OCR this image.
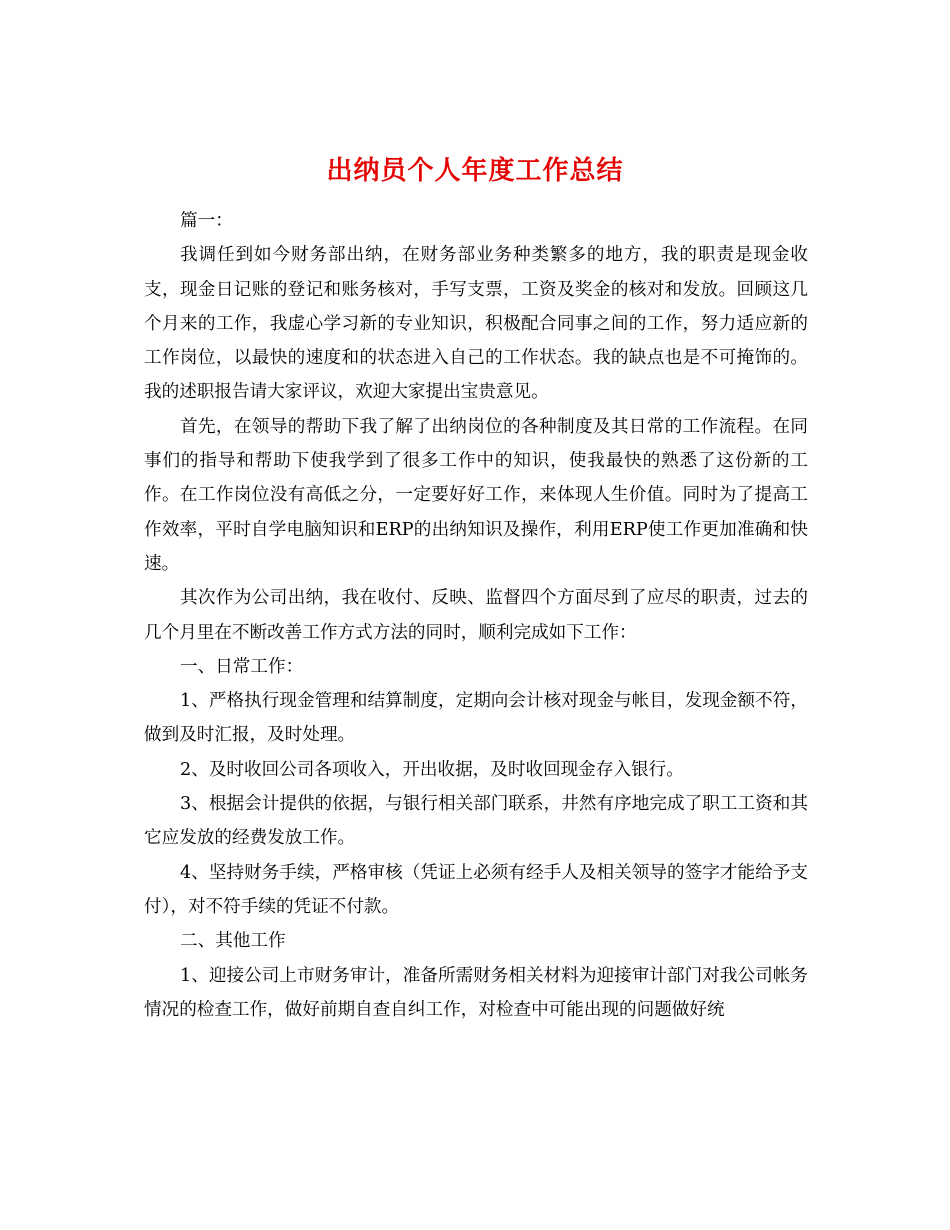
出纳员个人年度工作总结

篇一：

我调任到如今财务部出纳，在财务部业务种类繁多的地方，我的职责是现金收支，现金日记账的登记和账务核对，手写支票，工资及奖金的核对和发放。回顾这几个月来的工作，我虚心学习新的专业知识，积极配合同事之间的工作，努力适应新的工作岗位，以最快的速度和的状态进入自己的工作状态。我的缺点也是不可掩饰的。我的述职报告请大家评议，欢迎大家提出宝贵意见。

首先，在领导的帮助下我了解了出纳岗位的各种制度及其日常的工作流程。在同事们的指导和帮助下使我学到了很多工作中的知识，使我最快的熟悉了这份新的工作。在工作岗位没有高低之分，一定要好好工作，来体现人生价值。同时为了提高工作效率，平时自学电脑知识和ERP的出纳知识及操作，利用ERP使工作更加准确和快速。

其次作为公司出纳，我在收付、反映、监督四个方面尽到了应尽的职责，过去的几个月里在不断改善工作方式方法的同时，顺利完成如下工作：

一、日常工作：

1、严格执行现金管理和结算制度，定期向会计核对现金与帐目，发现金额不符，做到及时汇报，及时处理。

2、及时收回公司各项收入，开出收据，及时收回现金存入银行。

3、根据会计提供的依据，与银行相关部门联系，井然有序地完成了职工工资和其它应发放的经费发放工作。

4、坚持财务手续，严格审核（凭证上必须有经手人及相关领导的签字才能给予支付），对不符手续的凭证不付款。

二、其他工作

1、迎接公司上市财务审计，准备所需财务相关材料为迎接审计部门对我公司帐务情况的检查工作，做好前期自查自纠工作，对检查中可能出现的问题做好统
